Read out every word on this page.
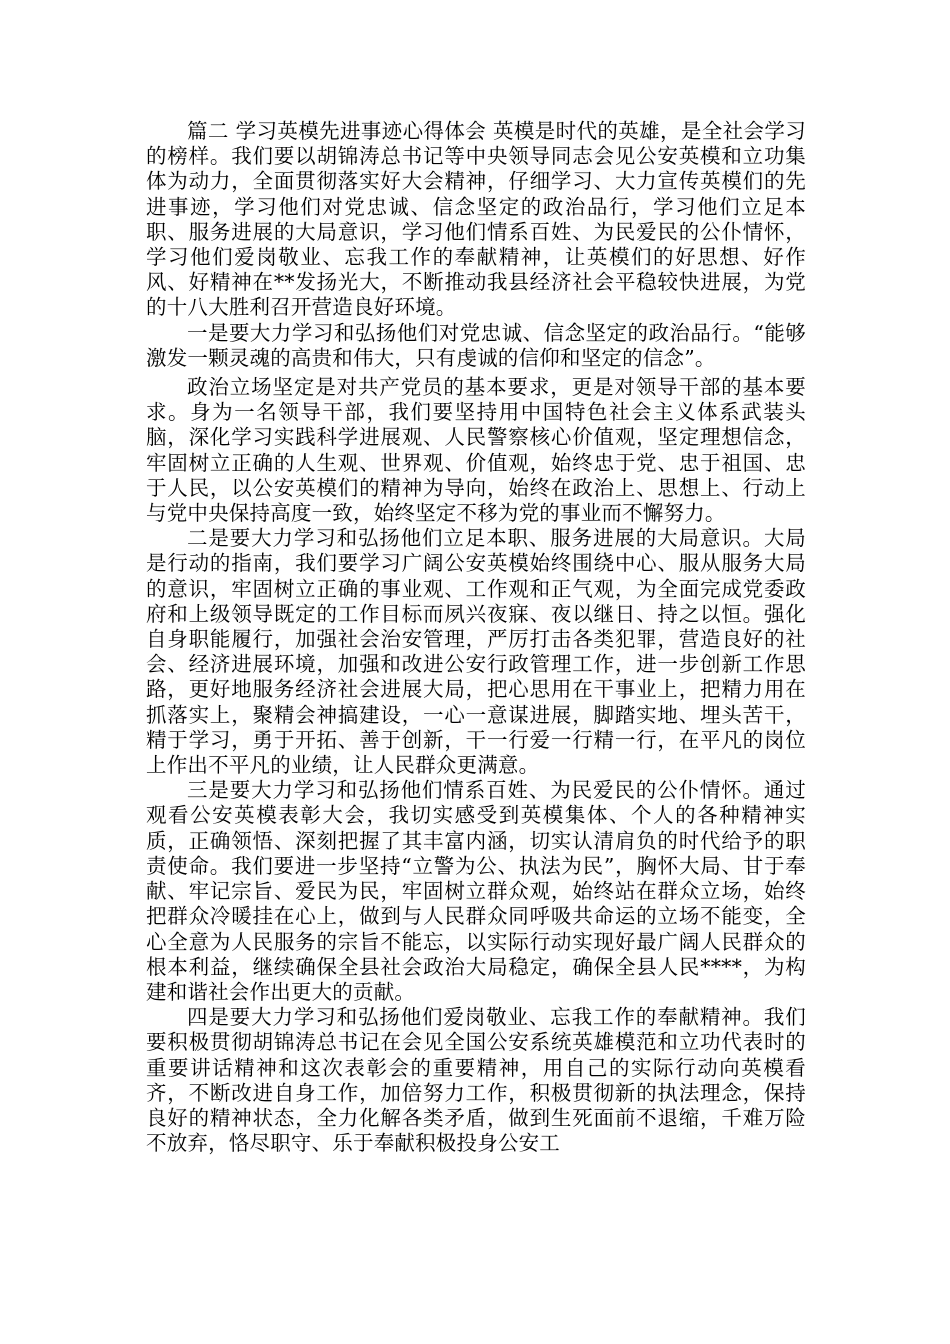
篇二 学习英模先进事迹心得体会 英模是时代的英雄，是全社会学习的榜样。我们要以胡锦涛总书记等中央领导同志会见公安英模和立功集体为动力，全面贯彻落实好大会精神，仔细学习、大力宣传英模们的先进事迹，学习他们对党忠诚、信念坚定的政治品行，学习他们立足本职、服务进展的大局意识，学习他们情系百姓、为民爱民的公仆情怀，学习他们爱岗敬业、忘我工作的奉献精神，让英模们的好思想、好作风、好精神在**发扬光大，不断推动我县经济社会平稳较快进展，为党的十八大胜利召开营造良好环境。

一是要大力学习和弘扬他们对党忠诚、信念坚定的政治品行。“能够激发一颗灵魂的高贵和伟大，只有虔诚的信仰和坚定的信念”。

政治立场坚定是对共产党员的基本要求，更是对领导干部的基本要求。身为一名领导干部，我们要坚持用中国特色社会主义体系武装头脑，深化学习实践科学进展观、人民警察核心价值观，坚定理想信念，牢固树立正确的人生观、世界观、价值观，始终忠于党、忠于祖国、忠于人民，以公安英模们的精神为导向，始终在政治上、思想上、行动上与党中央保持高度一致，始终坚定不移为党的事业而不懈努力。

二是要大力学习和弘扬他们立足本职、服务进展的大局意识。大局是行动的指南，我们要学习广阔公安英模始终围绕中心、服从服务大局的意识，牢固树立正确的事业观、工作观和正气观，为全面完成党委政府和上级领导既定的工作目标而夙兴夜寐、夜以继日、持之以恒。强化自身职能履行，加强社会治安管理，严厉打击各类犯罪，营造良好的社会、经济进展环境，加强和改进公安行政管理工作，进一步创新工作思路，更好地服务经济社会进展大局，把心思用在干事业上，把精力用在抓落实上，聚精会神搞建设，一心一意谋进展，脚踏实地、埋头苦干，精于学习，勇于开拓、善于创新，干一行爱一行精一行，在平凡的岗位上作出不平凡的业绩，让人民群众更满意。

三是要大力学习和弘扬他们情系百姓、为民爱民的公仆情怀。通过观看公安英模表彰大会，我切实感受到英模集体、个人的各种精神实质，正确领悟、深刻把握了其丰富内涵，切实认清肩负的时代给予的职责使命。我们要进一步坚持“立警为公、执法为民”，胸怀大局、甘于奉献、牢记宗旨、爱民为民，牢固树立群众观，始终站在群众立场，始终把群众冷暖挂在心上，做到与人民群众同呼吸共命运的立场不能变，全心全意为人民服务的宗旨不能忘，以实际行动实现好最广阔人民群众的根本利益，继续确保全县社会政治大局稳定，确保全县人民****，为构建和谐社会作出更大的贡献。

四是要大力学习和弘扬他们爱岗敬业、忘我工作的奉献精神。我们要积极贯彻胡锦涛总书记在会见全国公安系统英雄模范和立功代表时的重要讲话精神和这次表彰会的重要精神，用自己的实际行动向英模看齐，不断改进自身工作，加倍努力工作，积极贯彻新的执法理念，保持良好的精神状态，全力化解各类矛盾，做到生死面前不退缩，千难万险不放弃，恪尽职守、乐于奉献积极投身公安工
